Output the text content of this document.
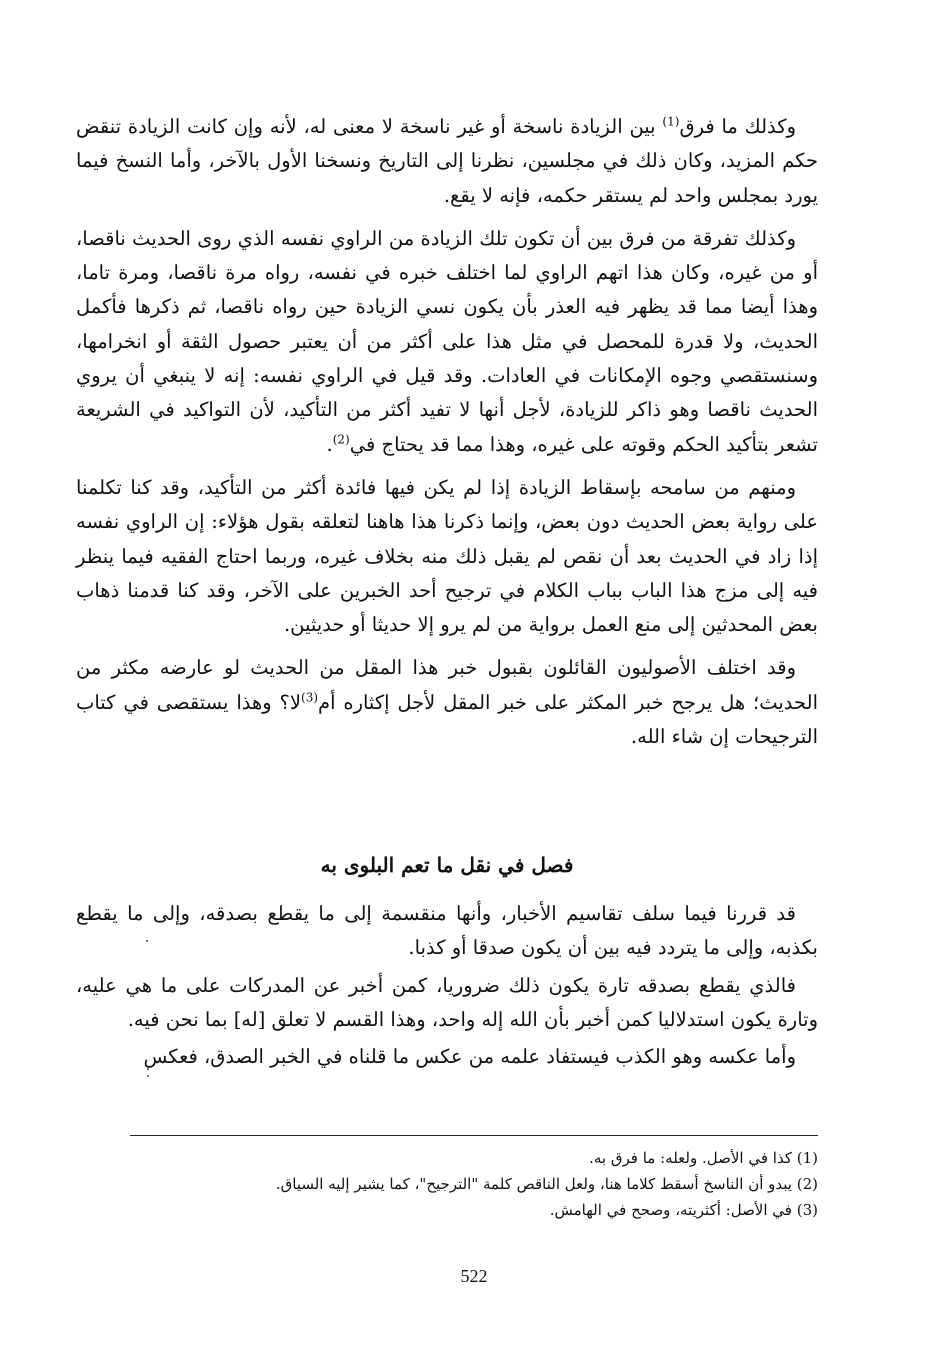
وكذلك ما فرق$^{(1)}$ بين الزيادة ناسخة أو غير ناسخة لا معنى له، لأنه وإن كانت الزيادة تنقض حكم المزيد، وكان ذلك في مجلسين، نظرنا إلى التاريخ ونسخنا الأول بالآخر، وأما النسخ فيما يورد بمجلس واحد لم يستقر حكمه، فإنه لا يقع.

وكذلك تفرقة من فرق بين أن تكون تلك الزيادة من الراوي نفسه الذي روى الحديث ناقصا، أو من غيره، وكان هذا اتهم الراوي لما اختلف خبره في نفسه، رواه مرة ناقصا، ومرة تاما، وهذا أيضا مما قد يظهر فيه العذر بأن يكون نسي الزيادة حين رواه ناقصا، ثم ذكرها فأكمل الحديث، ولا قدرة للمحصل في مثل هذا على أكثر من أن يعتبر حصول الثقة أو انخرامها، وسنستقصي وجوه الإمكانات في العادات. وقد قيل في الراوي نفسه: إنه لا ينبغي أن يروي الحديث ناقصا وهو ذاكر للزيادة، لأجل أنها لا تفيد أكثر من التأكيد، لأن التواكيد في الشريعة تشعر بتأكيد الحكم وقوته على غيره، وهذا مما قد يحتاج في$^{(2)}$.

ومنهم من سامحه بإسقاط الزيادة إذا لم يكن فيها فائدة أكثر من التأكيد، وقد كنا تكلمنا على رواية بعض الحديث دون بعض، وإنما ذكرنا هذا هاهنا لتعلقه بقول هؤلاء: إن الراوي نفسه إذا زاد في الحديث بعد أن نقص لم يقبل ذلك منه بخلاف غيره، وربما احتاج الفقيه فيما ينظر فيه إلى مزج هذا الباب بباب الكلام في ترجيح أحد الخبرين على الآخر، وقد كنا قدمنا ذهاب بعض المحدثين إلى منع العمل برواية من لم يرو إلا حديثا أو حديثين.

وقد اختلف الأصوليون القائلون بقبول خبر هذا المقل من الحديث لو عارضه مكثر من الحديث؛ هل يرجح خبر المكثر على خبر المقل لأجل إكثاره أم$^{(3)}$لا؟ وهذا يستقصى في كتاب الترجيحات إن شاء الله.

فصل في نقل ما تعم البلوى به

قد قررنا فيما سلف تقاسيم الأخبار، وأنها منقسمة إلى ما يقطع بصدقه، وإلى ما يقطع بكذبه، وإلى ما يتردد فيه بين أن يكون صدقا أو كذبا.

فالذي يقطع بصدقه تارة يكون ذلك ضروريا، كمن أخبر عن المدركات على ما هي عليه، وتارة يكون استدلاليا كمن أخبر بأن الله إله واحد، وهذا القسم لا تعلق [له] بما نحن فيه.

وأما عكسه وهو الكذب فيستفاد علمه من عكس ما قلناه في الخبر الصدق، فعكس

(1) كذا في الأصل. ولعله: ما فرق به.

(2) يبدو أن الناسخ أسقط كلاما هنا، ولعل الناقص كلمة "الترجيح"، كما يشير إليه السياق.

(3) في الأصل: أكثريته، وصحح في الهامش.

522
